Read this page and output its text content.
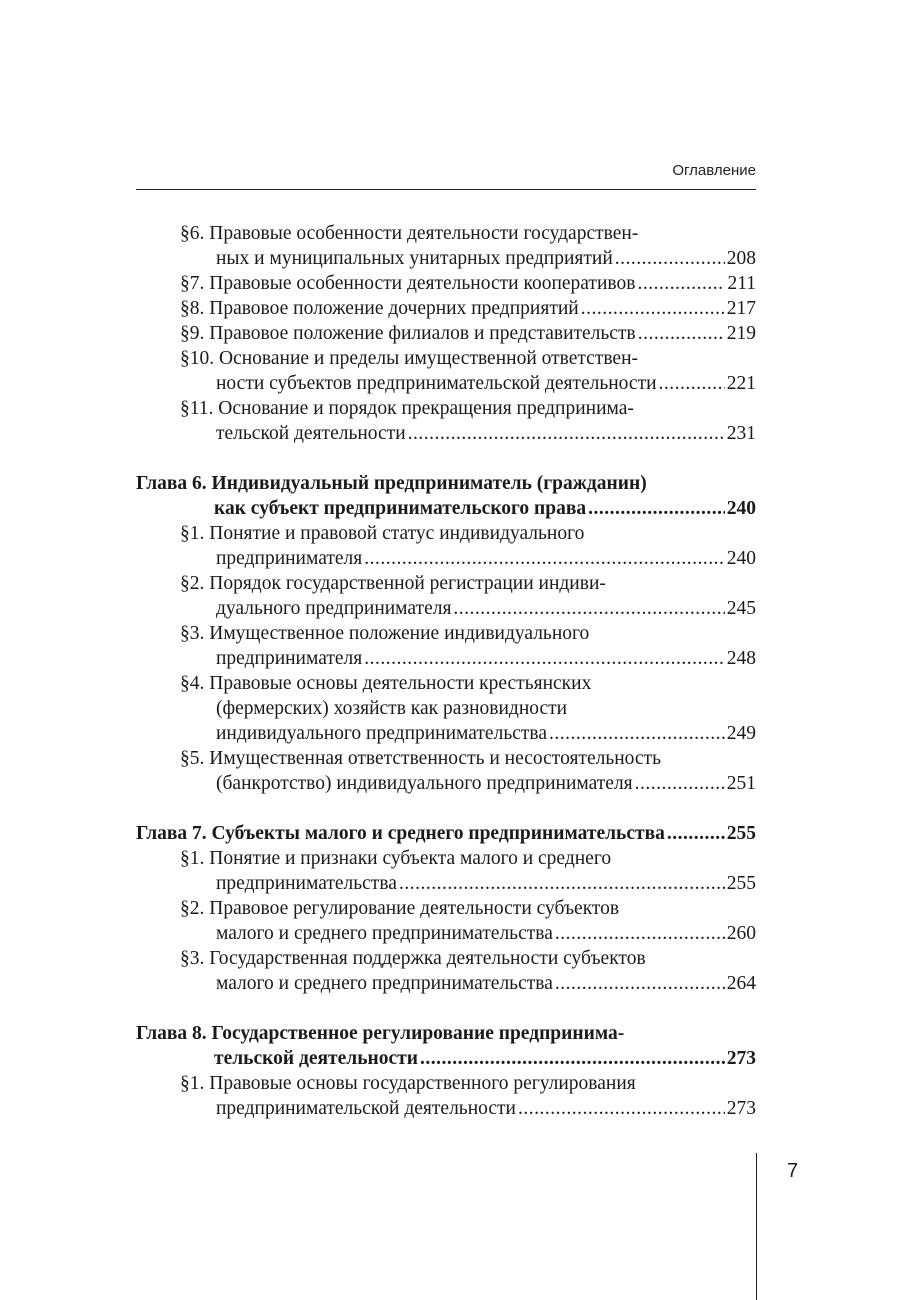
Оглавление
§6. Правовые особенности деятельности государствен-
ных и муниципальных унитарных предприятий .....	208
§7. Правовые особенности деятельности кооперативов .....	211
§8. Правовое положение дочерних предприятий .....	217
§9. Правовое положение филиалов и представительств .....	219
§10. Основание и пределы имущественной ответствен-
ности субъектов предпринимательской деятельности .....	221
§11. Основание и порядок прекращения предпринима-
тельской деятельности .....	231
Глава 6. Индивидуальный предприниматель (гражданин)
как субъект предпринимательского права .....	240
§1. Понятие и правовой статус индивидуального
предпринимателя .....	240
§2. Порядок государственной регистрации индиви-
дуального предпринимателя .....	245
§3. Имущественное положение индивидуального
предпринимателя .....	248
§4. Правовые основы деятельности крестьянских
(фермерских) хозяйств как разновидности
индивидуального предпринимательства .....	249
§5. Имущественная ответственность и несостоятельность
(банкротство) индивидуального предпринимателя .....	251
Глава 7. Субъекты малого и среднего предпринимательства .....	255
§1. Понятие и признаки субъекта малого и среднего
предпринимательства .....	255
§2. Правовое регулирование деятельности субъектов
малого и среднего предпринимательства .....	260
§3. Государственная поддержка деятельности субъектов
малого и среднего предпринимательства .....	264
Глава 8. Государственное регулирование предпринима-
тельской деятельности .....	273
§1. Правовые основы государственного регулирования
предпринимательской деятельности .....	273
7
